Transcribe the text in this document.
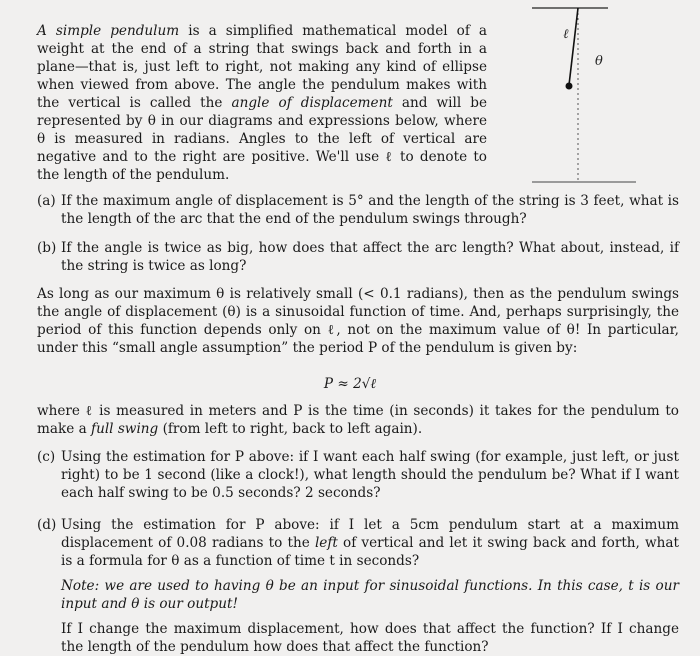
A simple pendulum is a simplified mathematical model of a weight at the end of a string that swings back and forth in a plane—that is, just left to right, not making any kind of ellipse when viewed from above. The angle the pendulum makes with the vertical is called the angle of displacement and will be represented by θ in our diagrams and expressions below, where θ is measured in radians. Angles to the left of vertical are negative and to the right are positive. We'll use ℓ to denote to the length of the pendulum.
ℓ
θ
(a) If the maximum angle of displacement is 5° and the length of the string is 3 feet, what is the length of the arc that the end of the pendulum swings through?
(b) If the angle is twice as big, how does that affect the arc length? What about, instead, if the string is twice as long?
As long as our maximum θ is relatively small (< 0.1 radians), then as the pendulum swings the angle of displacement (θ) is a sinusoidal function of time. And, perhaps surprisingly, the period of this function depends only on ℓ, not on the maximum value of θ! In particular, under this “small angle assumption” the period P of the pendulum is given by:
P ≈ 2√ℓ
where ℓ is measured in meters and P is the time (in seconds) it takes for the pendulum to make a full swing (from left to right, back to left again).
(c) Using the estimation for P above: if I want each half swing (for example, just left, or just right) to be 1 second (like a clock!), what length should the pendulum be? What if I want each half swing to be 0.5 seconds? 2 seconds?
(d) Using the estimation for P above: if I let a 5cm pendulum start at a maximum displacement of 0.08 radians to the left of vertical and let it swing back and forth, what is a formula for θ as a function of time t in seconds?
Note: we are used to having θ be an input for sinusoidal functions. In this case, t is our input and θ is our output!
If I change the maximum displacement, how does that affect the function? If I change the length of the pendulum how does that affect the function?
